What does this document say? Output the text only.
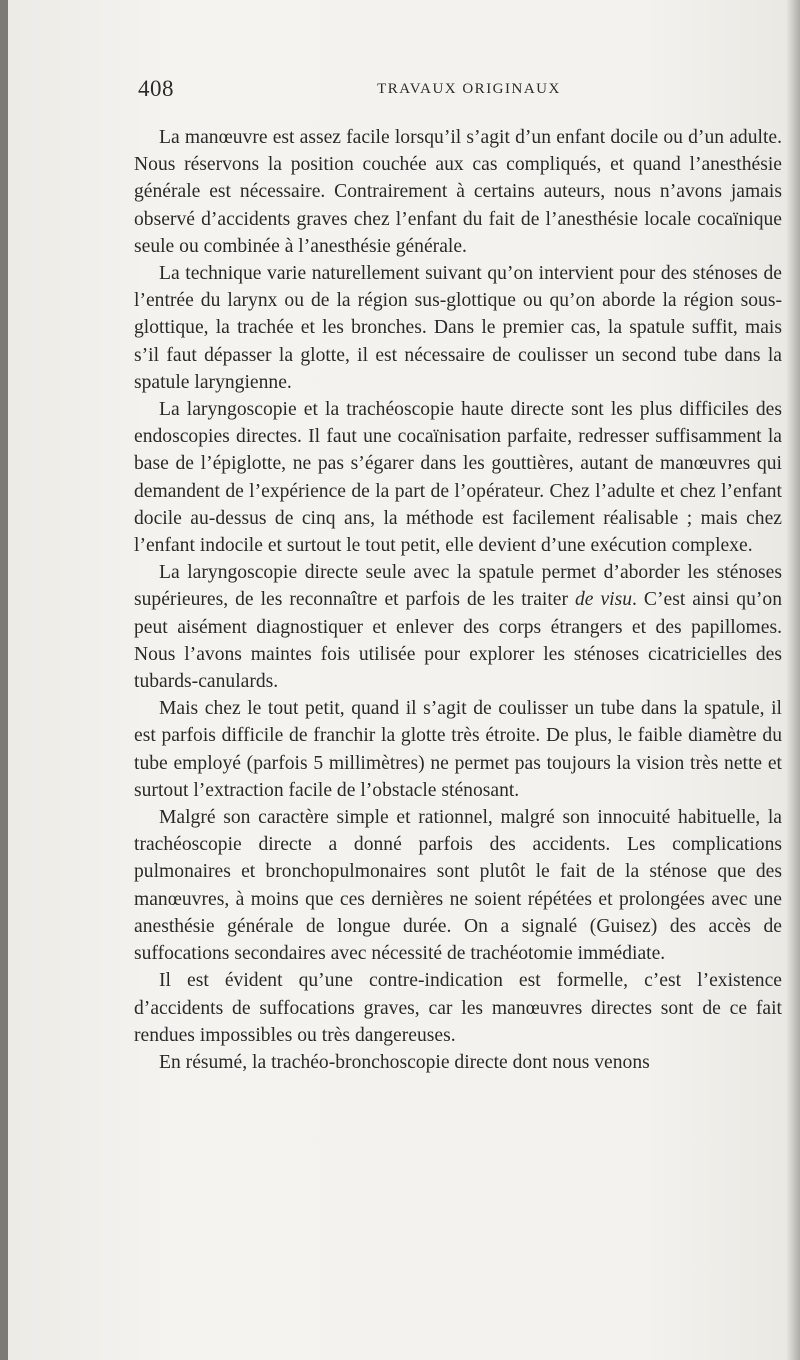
408	TRAVAUX ORIGINAUX

La manœuvre est assez facile lorsqu’il s’agit d’un enfant docile ou d’un adulte. Nous réservons la position couchée aux cas compliqués, et quand l’anesthésie générale est nécessaire. Contrairement à certains auteurs, nous n’avons jamais observé d’accidents graves chez l’enfant du fait de l’anesthésie locale cocaïnique seule ou combinée à l’anesthésie générale.

La technique varie naturellement suivant qu’on intervient pour des sténoses de l’entrée du larynx ou de la région sus-glottique ou qu’on aborde la région sous-glottique, la trachée et les bronches. Dans le premier cas, la spatule suffit, mais s’il faut dépasser la glotte, il est nécessaire de coulisser un second tube dans la spatule laryngienne.

La laryngoscopie et la trachéoscopie haute directe sont les plus difficiles des endoscopies directes. Il faut une cocaïnisation parfaite, redresser suffisamment la base de l’épiglotte, ne pas s’égarer dans les gouttières, autant de manœuvres qui demandent de l’expérience de la part de l’opérateur. Chez l’adulte et chez l’enfant docile au-dessus de cinq ans, la méthode est facilement réalisable ; mais chez l’enfant indocile et surtout le tout petit, elle devient d’une exécution complexe.

La laryngoscopie directe seule avec la spatule permet d’aborder les sténoses supérieures, de les reconnaître et parfois de les traiter de visu. C’est ainsi qu’on peut aisément diagnostiquer et enlever des corps étrangers et des papillomes. Nous l’avons maintes fois utilisée pour explorer les sténoses cicatricielles des tubards-canulards.

Mais chez le tout petit, quand il s’agit de coulisser un tube dans la spatule, il est parfois difficile de franchir la glotte très étroite. De plus, le faible diamètre du tube employé (parfois 5 millimètres) ne permet pas toujours la vision très nette et surtout l’extraction facile de l’obstacle sténosant.

Malgré son caractère simple et rationnel, malgré son innocuité habituelle, la trachéoscopie directe a donné parfois des accidents. Les complications pulmonaires et bronchopulmonaires sont plutôt le fait de la sténose que des manœuvres, à moins que ces dernières ne soient répétées et prolongées avec une anesthésie générale de longue durée. On a signalé (Guisez) des accès de suffocations secondaires avec nécessité de trachéotomie immédiate.

Il est évident qu’une contre-indication est formelle, c’est l’existence d’accidents de suffocations graves, car les manœuvres directes sont de ce fait rendues impossibles ou très dangereuses.

En résumé, la trachéo-bronchoscopie directe dont nous venons
